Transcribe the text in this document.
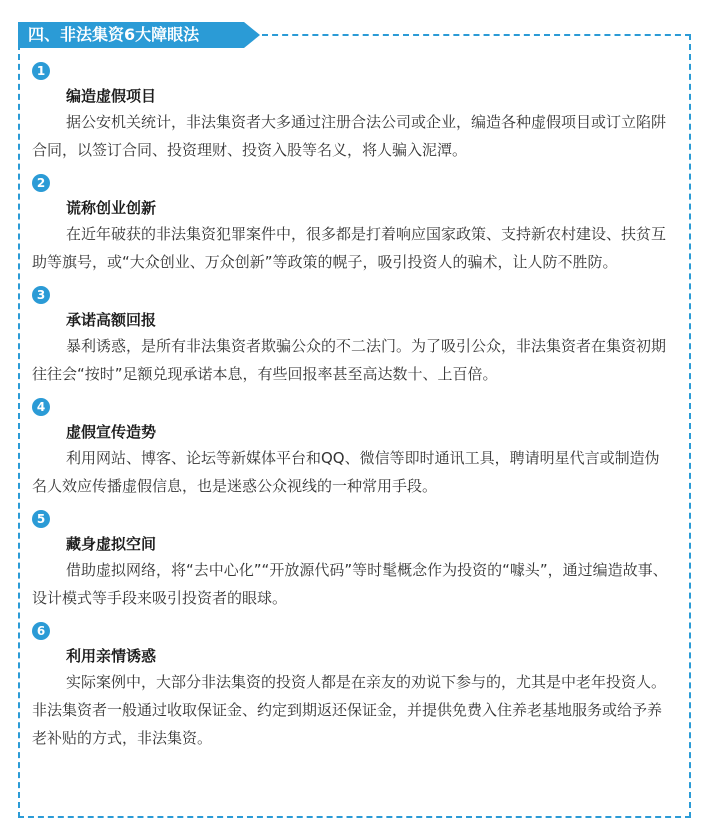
四、非法集资6大障眼法
1
编造虚假项目

据公安机关统计，非法集资者大多通过注册合法公司或企业，编造各种虚假项目或订立陷阱合同，以签订合同、投资理财、投资入股等名义，将人骗入泥潭。

2
谎称创业创新

在近年破获的非法集资犯罪案件中，很多都是打着响应国家政策、支持新农村建设、扶贫互助等旗号，或“大众创业、万众创新”等政策的幌子，吸引投资人的骗术，让人防不胜防。

3
承诺高额回报

暴利诱惑，是所有非法集资者欺骗公众的不二法门。为了吸引公众，非法集资者在集资初期往往会“按时”足额兑现承诺本息，有些回报率甚至高达数十、上百倍。

4
虚假宣传造势

利用网站、博客、论坛等新媒体平台和QQ、微信等即时通讯工具，聘请明星代言或制造伪名人效应传播虚假信息，也是迷惑公众视线的一种常用手段。

5
藏身虚拟空间

借助虚拟网络，将“去中心化”“开放源代码”等时髦概念作为投资的“噱头”，通过编造故事、设计模式等手段来吸引投资者的眼球。

6
利用亲情诱惑

实际案例中，大部分非法集资的投资人都是在亲友的劝说下参与的，尤其是中老年投资人。非法集资者一般通过收取保证金、约定到期返还保证金，并提供免费入住养老基地服务或给予养老补贴的方式，非法集资。
